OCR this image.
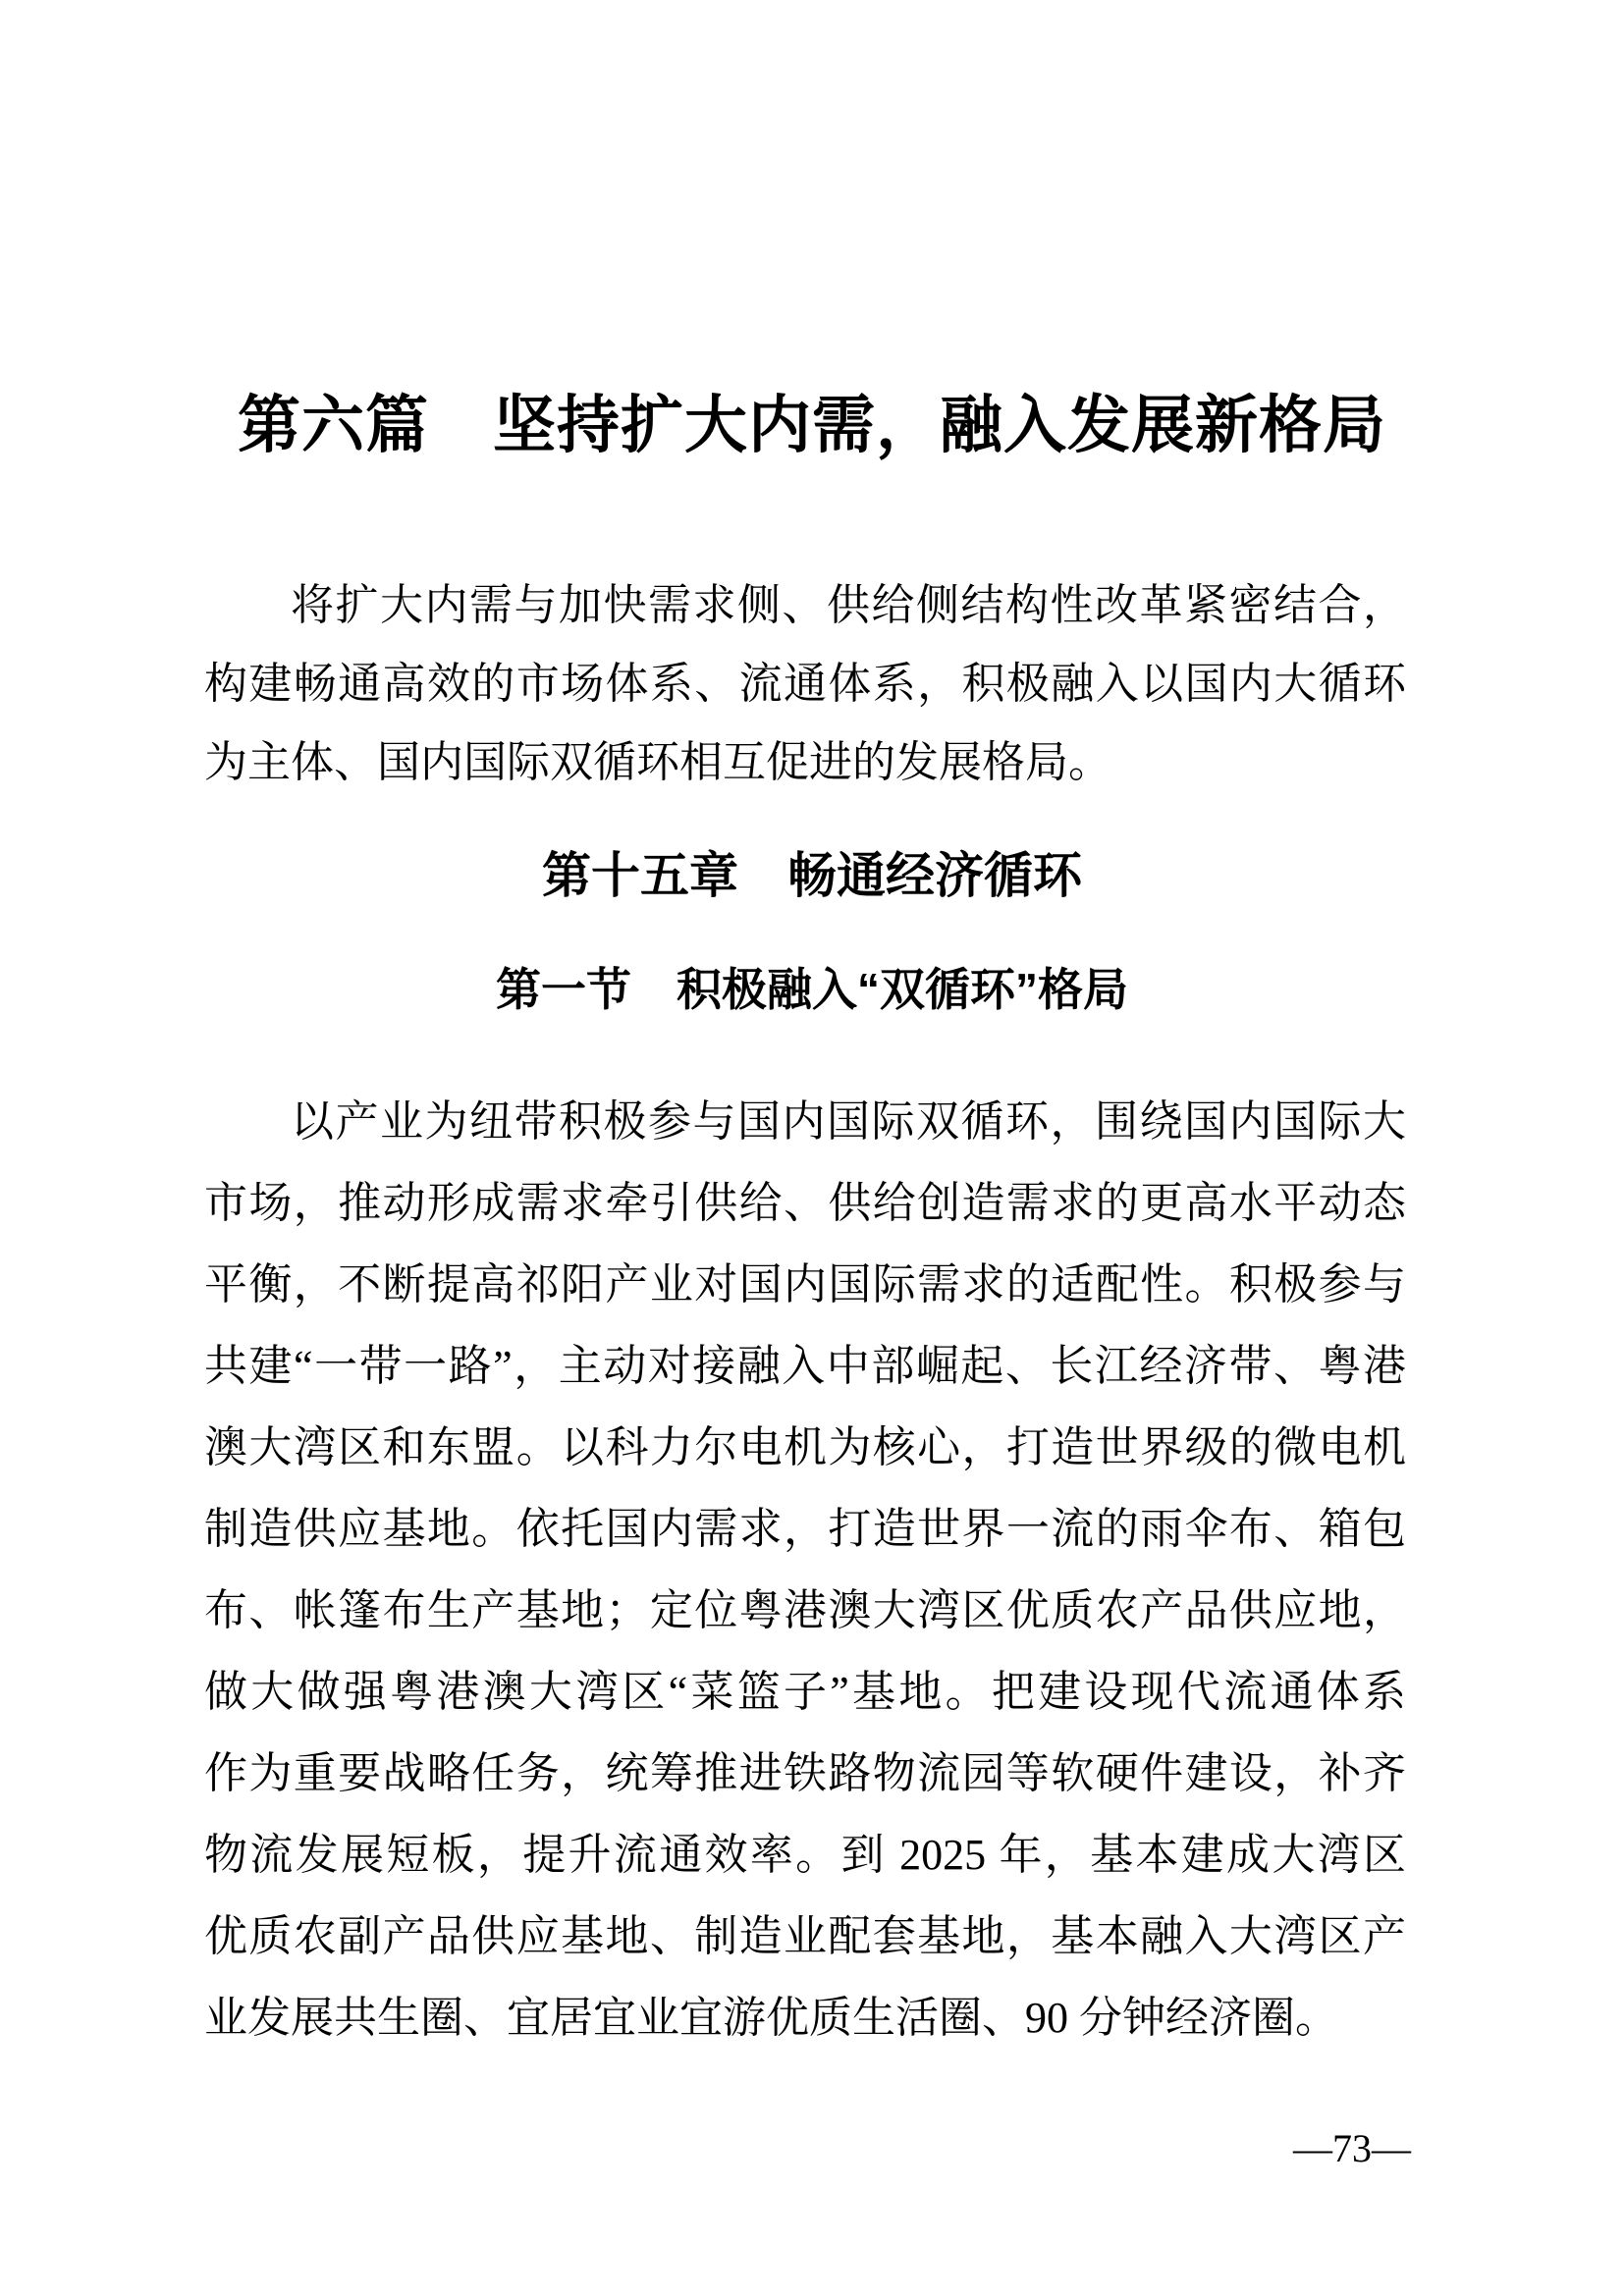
第六篇　坚持扩大内需，融入发展新格局
将扩大内需与加快需求侧、供给侧结构性改革紧密结合，
构建畅通高效的市场体系、流通体系，积极融入以国内大循环
为主体、国内国际双循环相互促进的发展格局。
第十五章　畅通经济循环
第一节　积极融入“双循环”格局
以产业为纽带积极参与国内国际双循环，围绕国内国际大
市场，推动形成需求牵引供给、供给创造需求的更高水平动态
平衡，不断提高祁阳产业对国内国际需求的适配性。积极参与
共建“一带一路”，主动对接融入中部崛起、长江经济带、粤港
澳大湾区和东盟。以科力尔电机为核心，打造世界级的微电机
制造供应基地。依托国内需求，打造世界一流的雨伞布、箱包
布、帐篷布生产基地；定位粤港澳大湾区优质农产品供应地，
做大做强粤港澳大湾区“菜篮子”基地。把建设现代流通体系
作为重要战略任务，统筹推进铁路物流园等软硬件建设，补齐
物流发展短板，提升流通效率。到 2025 年，基本建成大湾区
优质农副产品供应基地、制造业配套基地，基本融入大湾区产
业发展共生圈、宜居宜业宜游优质生活圈、90 分钟经济圈。
—73—
